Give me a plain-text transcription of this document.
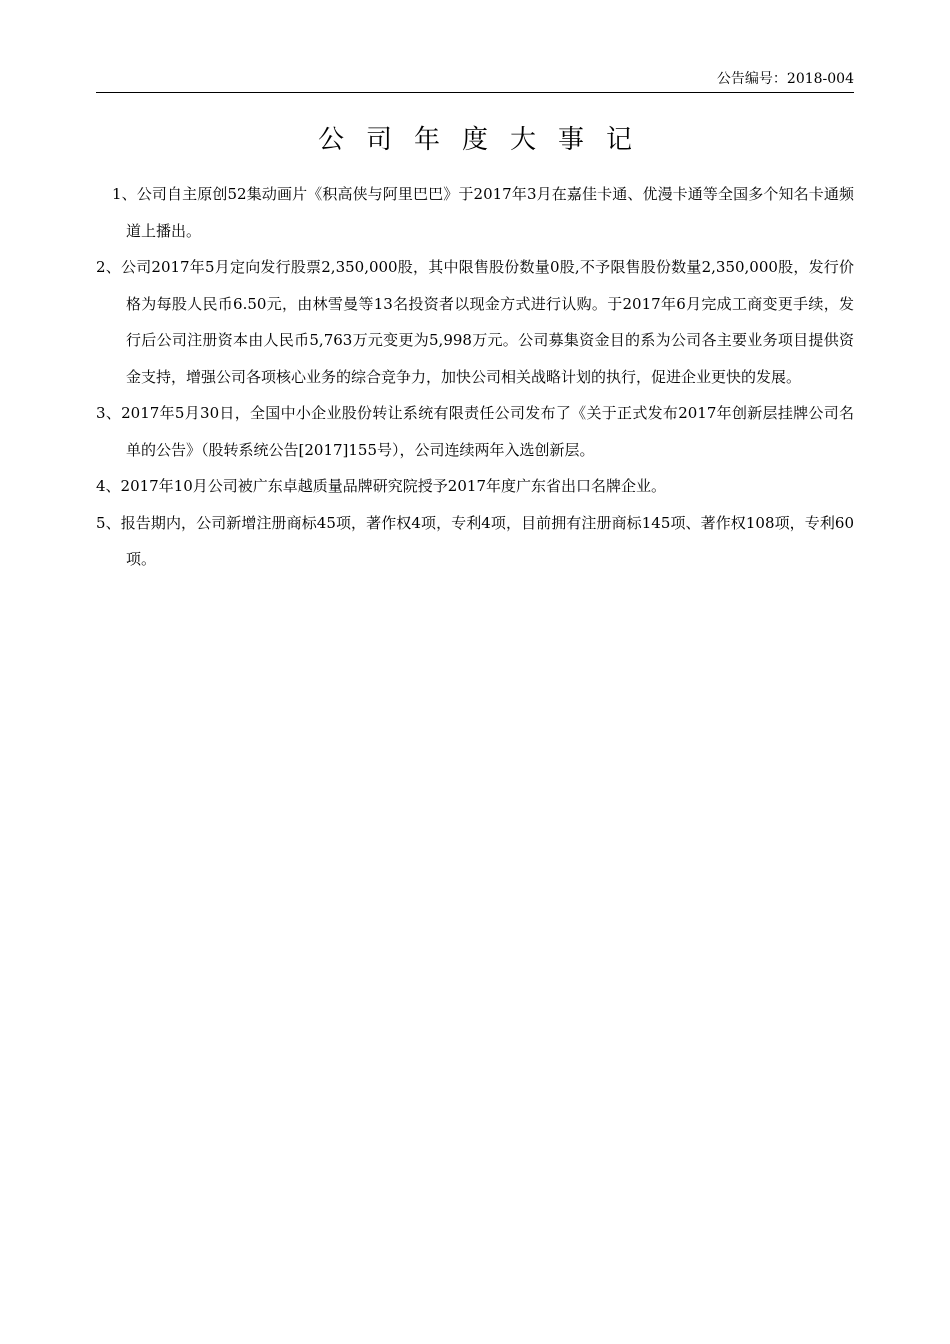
公告编号：2018-004
公司年度大事记

1、公司自主原创52集动画片《积高侠与阿里巴巴》于2017年3月在嘉佳卡通、优漫卡通等全国多个知名卡通频道上播出。

2、公司2017年5月定向发行股票2,350,000股，其中限售股份数量0股,不予限售股份数量2,350,000股，发行价格为每股人民币6.50元，由林雪曼等13名投资者以现金方式进行认购。于2017年6月完成工商变更手续，发行后公司注册资本由人民币5,763万元变更为5,998万元。公司募集资金目的系为公司各主要业务项目提供资金支持，增强公司各项核心业务的综合竞争力，加快公司相关战略计划的执行，促进企业更快的发展。

3、2017年5月30日，全国中小企业股份转让系统有限责任公司发布了《关于正式发布2017年创新层挂牌公司名单的公告》（股转系统公告[2017]155号），公司连续两年入选创新层。

4、2017年10月公司被广东卓越质量品牌研究院授予2017年度广东省出口名牌企业。

5、报告期内，公司新增注册商标45项，著作权4项，专利4项，目前拥有注册商标145项、著作权108项，专利60项。
